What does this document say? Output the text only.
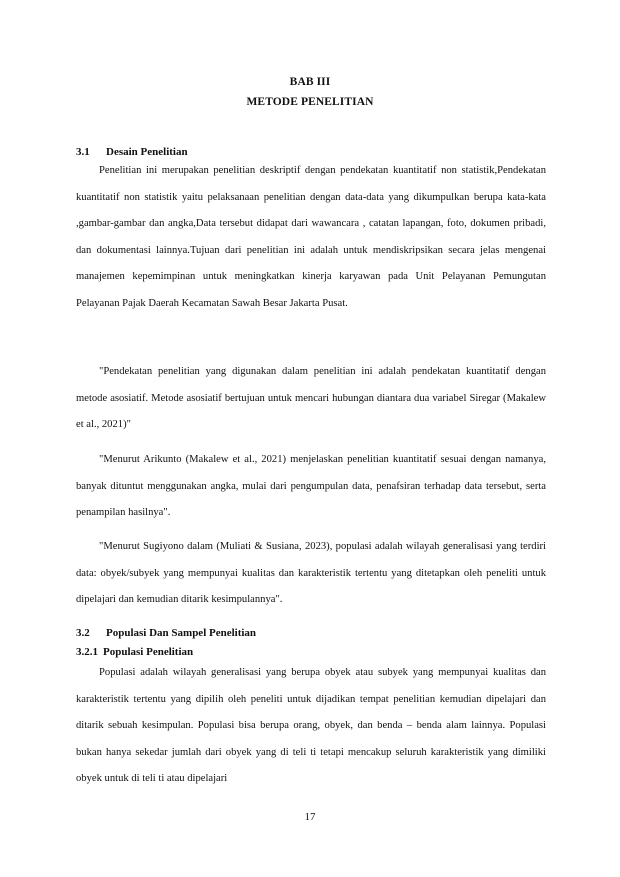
BAB III
METODE PENELITIAN
3.1 Desain Penelitian

Penelitian ini merupakan penelitian deskriptif dengan pendekatan kuantitatif non statistik,Pendekatan kuantitatif non statistik yaitu pelaksanaan penelitian dengan data-data yang dikumpulkan berupa kata-kata ,gambar-gambar dan angka,Data tersebut didapat dari wawancara , catatan lapangan, foto, dokumen pribadi, dan dokumentasi lainnya.Tujuan dari penelitian ini adalah untuk mendiskripsikan secara jelas mengenai manajemen kepemimpinan untuk meningkatkan kinerja karyawan pada Unit Pelayanan Pemungutan Pelayanan Pajak Daerah Kecamatan Sawah Besar Jakarta Pusat.

"Pendekatan penelitian yang digunakan dalam penelitian ini adalah pendekatan kuantitatif dengan metode asosiatif. Metode asosiatif bertujuan untuk mencari hubungan diantara dua variabel Siregar (Makalew et al., 2021)"

"Menurut Arikunto (Makalew et al., 2021) menjelaskan penelitian kuantitatif sesuai dengan namanya, banyak dituntut menggunakan angka, mulai dari pengumpulan data, penafsiran terhadap data tersebut, serta penampilan hasilnya".

"Menurut Sugiyono dalam (Muliati & Susiana, 2023), populasi adalah wilayah generalisasi yang terdiri data: obyek/subyek yang mempunyai kualitas dan karakteristik tertentu yang ditetapkan oleh peneliti untuk dipelajari dan kemudian ditarik kesimpulannya".

3.2 Populasi Dan Sampel Penelitian
3.2.1 Populasi Penelitian

Populasi adalah wilayah generalisasi yang berupa obyek atau subyek yang mempunyai kualitas dan karakteristik tertentu yang dipilih oleh peneliti untuk dijadikan tempat penelitian kemudian dipelajari dan ditarik sebuah kesimpulan. Populasi bisa berupa orang, obyek, dan benda – benda alam lainnya. Populasi bukan hanya sekedar jumlah dari obyek yang di teli ti tetapi mencakup seluruh karakteristik yang dimiliki obyek untuk di teli ti atau dipelajari

17
